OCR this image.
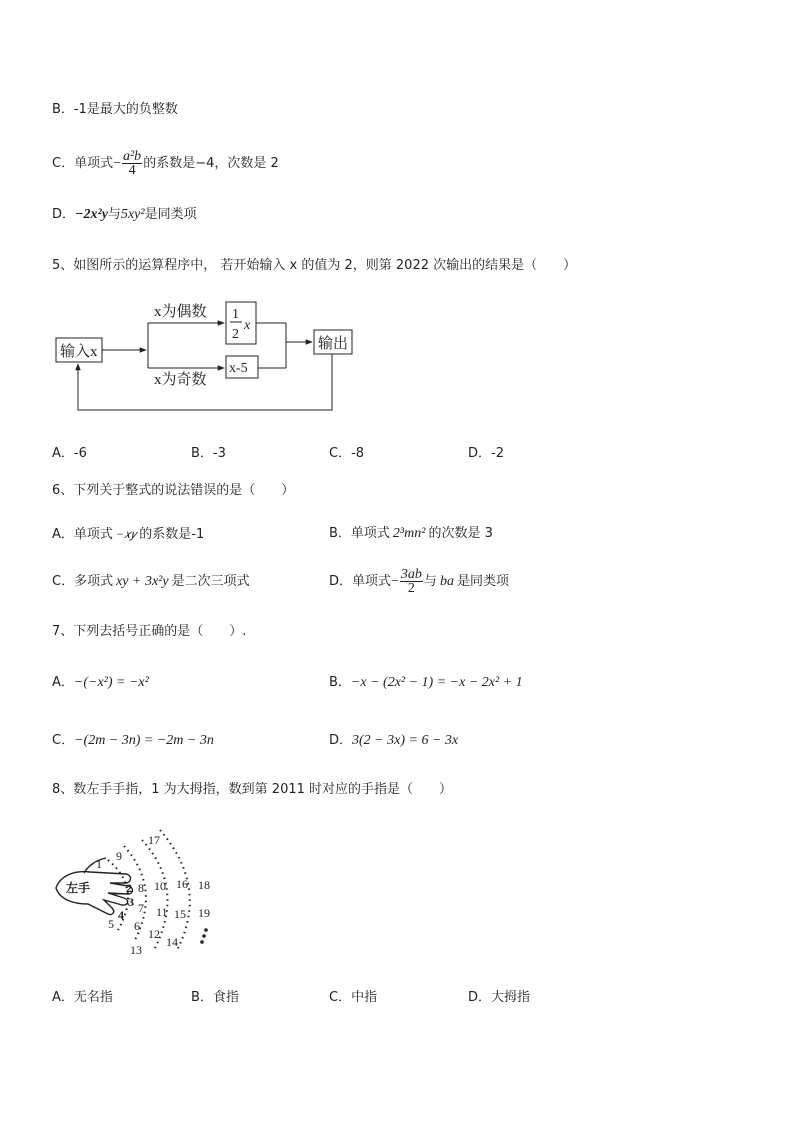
B．-1是最大的负整数
C．单项式− $\frac{\text{a²b}}{4}$ 的系数是−4，次数是 2
D．−2x²y与5xy²是同类项
5、如图所示的运算程序中， 若开始输入 x 的值为 2，则第 2022 次输出的结果是（　　）
输入x
x为偶数
x为奇数
1
2
x
x-5
输出
A．-6	B．-3	C．-8	D．-2
6、下列关于整式的说法错误的是（　　）
A．单项式 −𝑥𝑦 的系数是-1	B．单项式 2³mn² 的次数是 3
C．多项式 xy + 3x²y 是二次三项式	D．单项式− $\frac{3ab}{2}$ 与 ba 是同类项
7、下列去括号正确的是（　　）.
A．−(−x²) = −x²	B．−x − (2x² − 1) = −x − 2x² + 1
C．−(2m − 3n) = −2m − 3n	D．3(2 − 3x) = 6 − 3x
8、数左手手指，1 为大拇指，数到第 2011 时对应的手指是（　　）
左手
1
2
3
4
5 6
7
8
9
10
11
12
13
14
15
16
17
18
19
A．无名指	B．食指	C．中指	D．大拇指
